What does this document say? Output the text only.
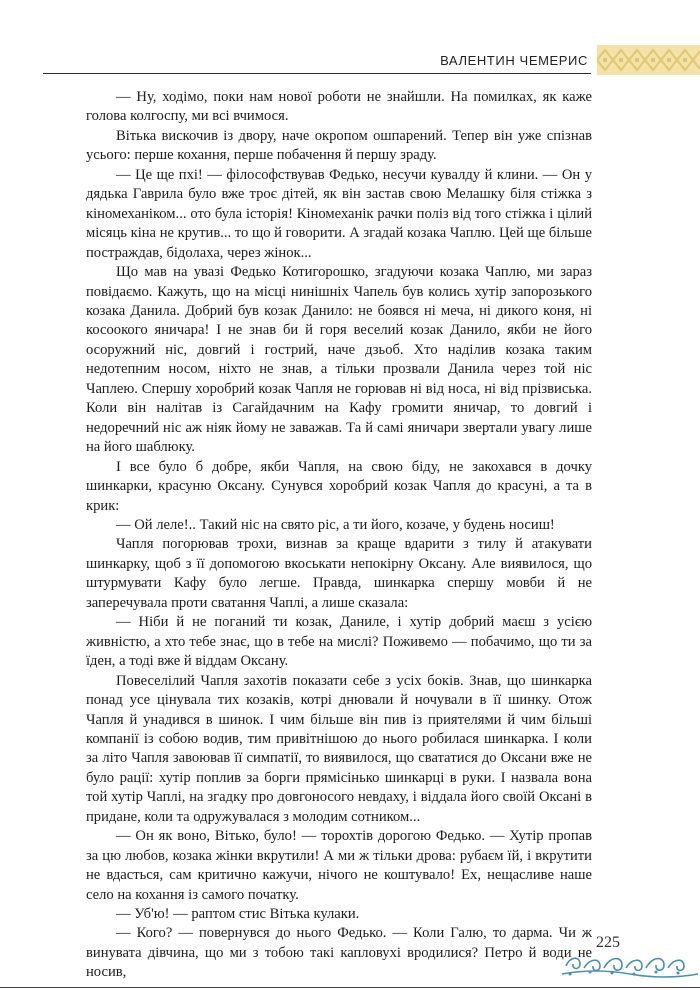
ВАЛЕНТИН ЧЕМЕРИС

— Ну, ходімо, поки нам нової роботи не знайшли. На помилках, як каже голова колгоспу, ми всі вчимося.

Вітька вискочив із двору, наче окропом ошпарений. Тепер він уже спізнав усього: перше кохання, перше побачення й першу зраду.

— Це ще пхі! — філософствував Федько, несучи кувалду й клини. — Он у дядька Гаврила було вже троє дітей, як він застав свою Мелашку біля стіжка з кіномеханіком... ото була історія! Кіномеханік рачки поліз від того стіжка і цілий місяць кіна не крутив... то що й говорити. А згадай козака Чаплю. Цей ще більше постраждав, бідолаха, через жінок...

Що мав на увазі Федько Котигорошко, згадуючи козака Чаплю, ми зараз повідаємо. Кажуть, що на місці нинішніх Чапель був колись хутір запорозького козака Данила. Добрий був козак Данило: не боявся ні меча, ні дикого коня, ні косоокого яничара! І не знав би й горя веселий козак Данило, якби не його осоружний ніс, довгий і гострий, наче дзьоб. Хто наділив козака таким недотепним носом, ніхто не знав, а тільки прозвали Данила через той ніс Чаплею. Спершу хоробрий козак Чапля не горював ні від носа, ні від прізвиська. Коли він налітав із Сагайдачним на Кафу громити яничар, то довгий і недоречний ніс аж ніяк йому не заважав. Та й самі яничари звертали увагу лише на його шаблюку.

І все було б добре, якби Чапля, на свою біду, не закохався в дочку шинкарки, красуню Оксану. Сунувся хоробрий козак Чапля до красуні, а та в крик:

— Ой леле!.. Такий ніс на свято ріс, а ти його, козаче, у будень носиш!

Чапля погорював трохи, визнав за краще вдарити з тилу й атакувати шинкарку, щоб з її допомогою вкоськати непокірну Оксану. Але виявилося, що штурмувати Кафу було легше. Правда, шинкарка спершу мовби й не заперечувала проти сватання Чаплі, а лише сказала:

— Ніби й не поганий ти козак, Даниле, і хутір добрий маєш з усією живністю, а хто тебе знає, що в тебе на мислі? Поживемо — побачимо, що ти за їден, а тоді вже й віддам Оксану.

Повеселілий Чапля захотів показати себе з усіх боків. Знав, що шинкарка понад усе цінувала тих козаків, котрі днювали й ночували в її шинку. Отож Чапля й унадився в шинок. І чим більше він пив із приятелями й чим більші компанії із собою водив, тим привітнішою до нього робилася шинкарка. І коли за літо Чапля завоював її симпатії, то виявилося, що сватaтися до Оксани вже не було рації: хутір поплив за борги прямісінько шинкарці в руки. І назвала вона той хутір Чаплі, на згадку про довгоносого невдаху, і віддала його своїй Оксані в придане, коли та одружувалася з молодим сотником...

— Он як воно, Вітько, було! — торохтів дорогою Федько. — Хутір пропав за цю любов, козака жінки вкрутили! А ми ж тільки дрова: рубаєм їй, і вкрутити не вдасться, сам критично кажучи, нічого не коштувало! Ех, нещасливе наше село на кохання із самого початку.

— Уб'ю! — раптом стис Вітька кулаки.

— Кого? — повернувся до нього Федько. — Коли Галю, то дарма. Чи ж винувата дівчина, що ми з тобою такі капловухі вродилися? Петро й води не носив,

225
